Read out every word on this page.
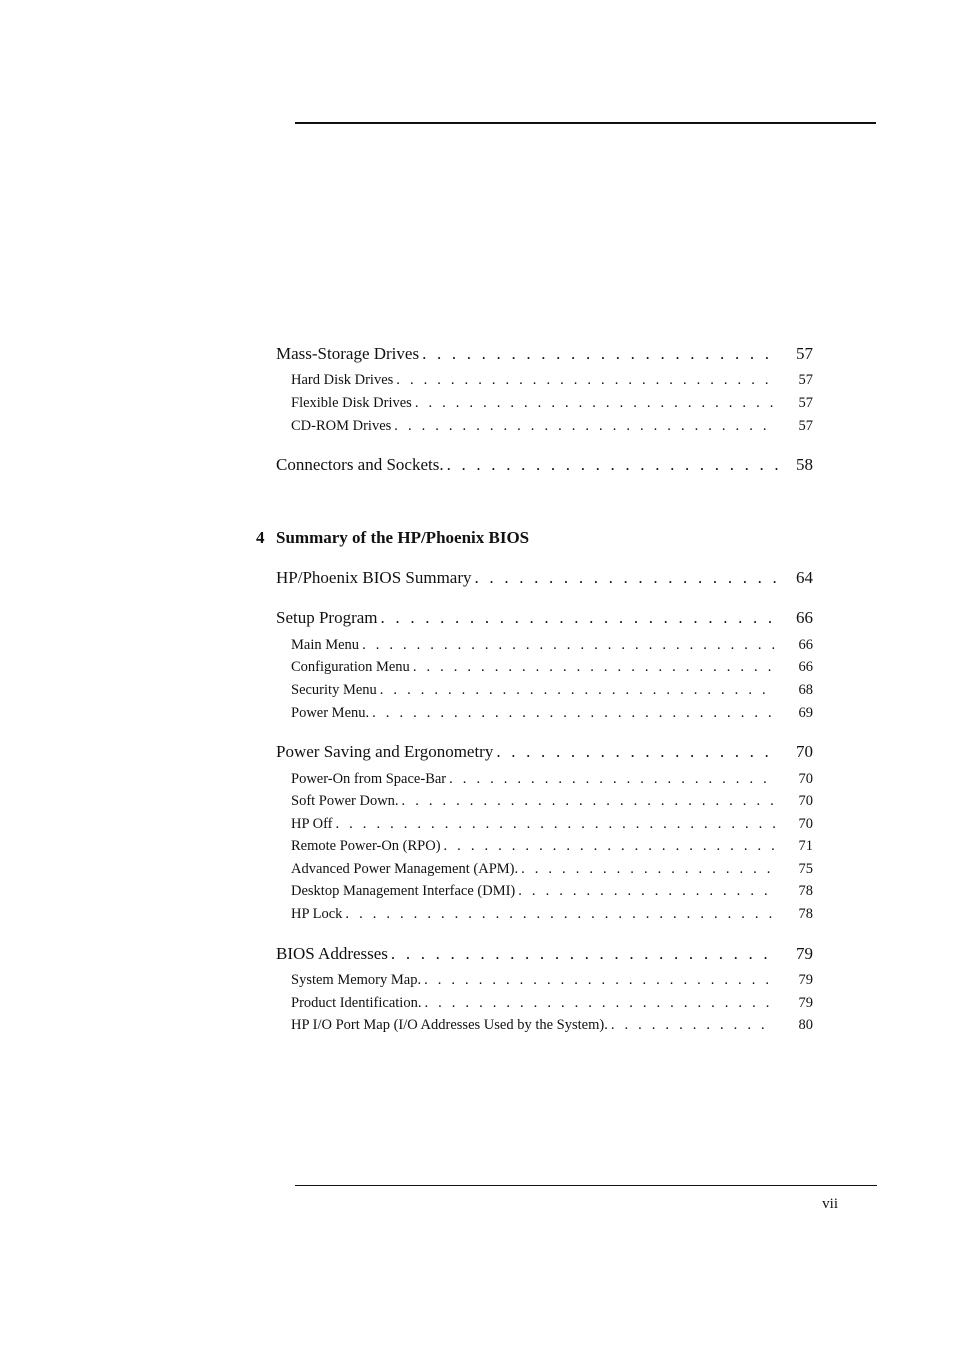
Mass-Storage Drives . . .	57
Hard Disk Drives . . .	57
Flexible Disk Drives . . .	57
CD-ROM Drives . . .	57
Connectors and Sockets. . . .	58
4 Summary of the HP/Phoenix BIOS
HP/Phoenix BIOS Summary . . .	64
Setup Program . . .	66
Main Menu . . .	66
Configuration Menu . . .	66
Security Menu . . .	68
Power Menu. . . .	69
Power Saving and Ergonometry . . .	70
Power-On from Space-Bar . . .	70
Soft Power Down. . . .	70
HP Off . . .	70
Remote Power-On (RPO) . . .	71
Advanced Power Management (APM). . . .	75
Desktop Management Interface (DMI) . . .	78
HP Lock . . .	78
BIOS Addresses . . .	79
System Memory Map. . . .	79
Product Identification. . . .	79
HP I/O Port Map (I/O Addresses Used by the System). . . .	80
vii
